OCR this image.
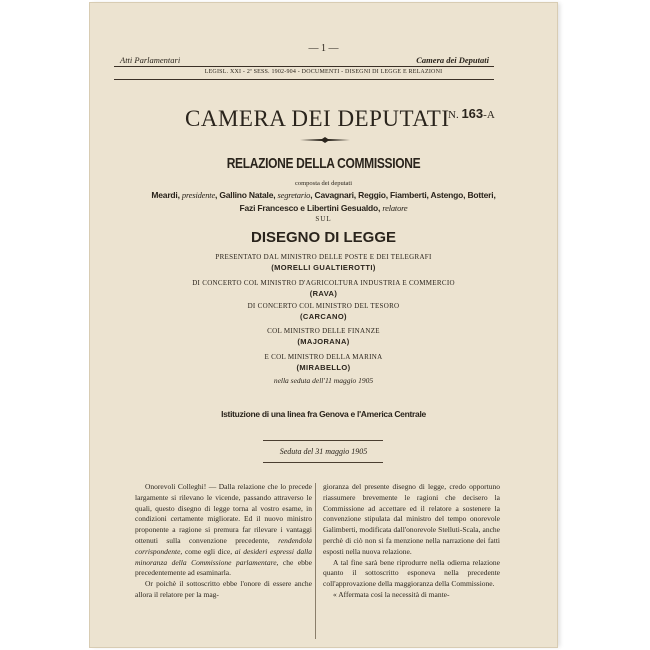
— 1 —
Atti Parlamentari	Camera dei Deputati
LEGISL. XXI - 2ª SESS. 1902-904 - DOCUMENTI - DISEGNI DI LEGGE E RELAZIONI
CAMERA DEI DEPUTATI
N. 163-A
RELAZIONE DELLA COMMISSIONE
composta dei deputati
Meardi, presidente, Gallino Natale, segretario, Cavagnari, Reggio, Fiamberti, Astengo, Botteri,
Fazi Francesco e Libertini Gesualdo, relatore
SUL
DISEGNO DI LEGGE
PRESENTATO DAL MINISTRO DELLE POSTE E DEI TELEGRAFI
(MORELLI GUALTIEROTTI)
DI CONCERTO COL MINISTRO D'AGRICOLTURA INDUSTRIA E COMMERCIO
(RAVA)
DI CONCERTO COL MINISTRO DEL TESORO
(CARCANO)
COL MINISTRO DELLE FINANZE
(MAJORANA)
E COL MINISTRO DELLA MARINA
(MIRABELLO)
nella seduta dell'11 maggio 1905
Istituzione di una linea fra Genova e l'America Centrale
Seduta del 31 maggio 1905

Onorevoli Colleghi! — Dalla relazione che lo precede largamente si rilevano le vicende, passando attraverso le quali, questo disegno di legge torna al vostro esame, in condizioni certamente migliorate. Ed il nuovo ministro proponente a ragione si premura far rilevare i vantaggi ottenuti sulla convenzione precedente, rendendola corrispondente, come egli dice, ai desideri espressi dalla minoranza della Commissione parlamentare, che ebbe precedentemente ad esaminarla.

Or poichè il sottoscritto ebbe l'onore di essere anche allora il relatore per la mag-

gioranza del presente disegno di legge, credo opportuno riassumere brevemente le ragioni che decisero la Commissione ad accettare ed il relatore a sostenere la convenzione stipulata dal ministro del tempo onorevole Galimberti, modificata dall'onorevole Stelluti-Scala, anche perchè di ciò non si fa menzione nella narrazione dei fatti esposti nella nuova relazione.

A tal fine sarà bene riprodurre nella odierna relazione quanto il sottoscritto esponeva nella precedente coll'approvazione della maggioranza della Commissione.

« Affermata così la necessità di mante-
